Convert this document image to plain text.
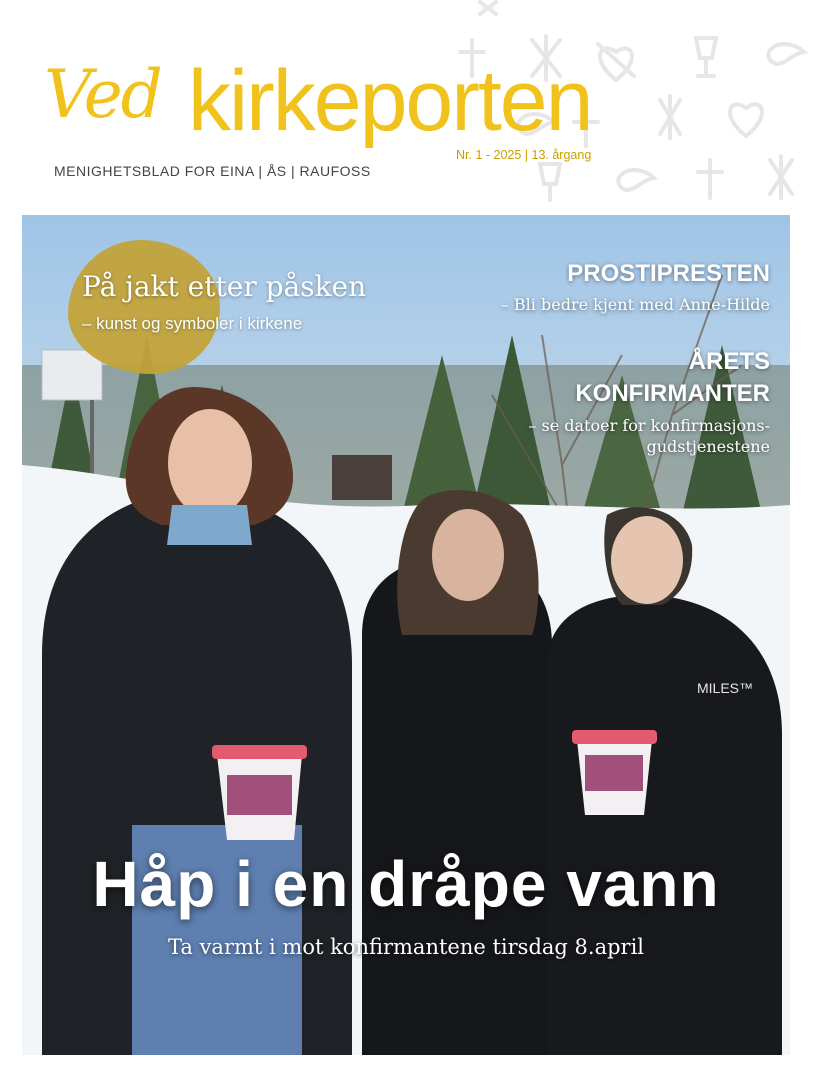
Ved kirkeporten
MENIGHETSBLAD FOR EINA | ÅS | RAUFOSS
Nr. 1 - 2025 | 13. årgang
MILES™
På jakt etter påsken
– kunst og symboler i kirkene
PROSTIPRESTEN
– Bli bedre kjent med Anne-Hilde
ÅRETS
KONFIRMANTER
– se datoer for konfirmasjons-
gudstjenestene
Håp i en dråpe vann
Ta varmt i mot konfirmantene tirsdag 8.april
